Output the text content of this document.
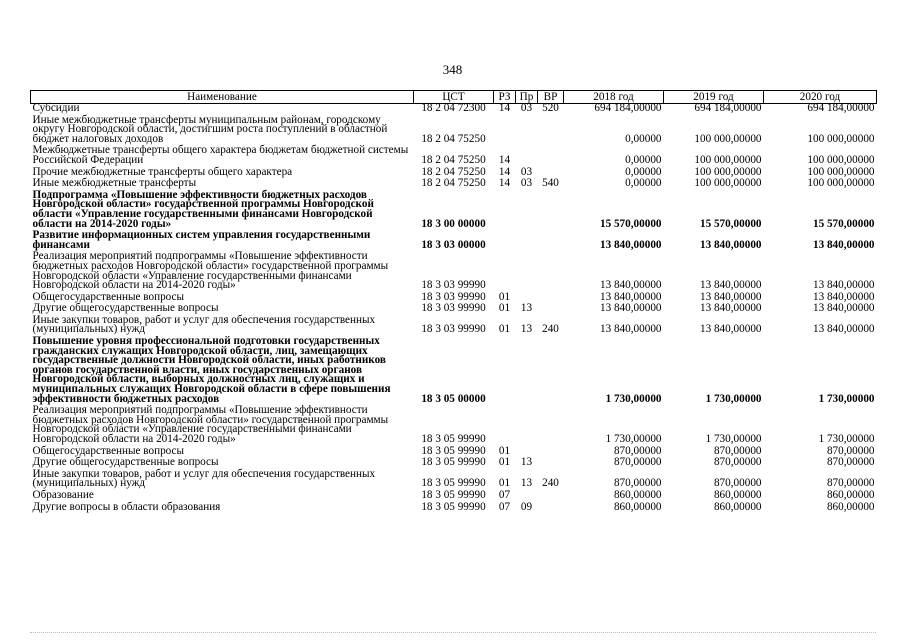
348
Наименование	ЦСТ	РЗ	Пр	ВР	2018 год	2019 год	2020 год
Субсидии	18 2 04 72300	14	03	520	694 184,00000	694 184,00000	694 184,00000
Иные межбюджетные трансферты муниципальным районам, городскому округу Новгородской области, достигшим роста поступлений в областной бюджет налоговых доходов	18 2 04 75250				0,00000	100 000,00000	100 000,00000
Межбюджетные трансферты общего характера бюджетам бюджетной системы Российской Федерации	18 2 04 75250	14			0,00000	100 000,00000	100 000,00000
Прочие межбюджетные трансферты общего характера	18 2 04 75250	14	03		0,00000	100 000,00000	100 000,00000
Иные межбюджетные трансферты	18 2 04 75250	14	03	540	0,00000	100 000,00000	100 000,00000
Подпрограмма «Повышение эффективности бюджетных расходов Новгородской области» государственной программы Новгородской области «Управление государственными финансами Новгородской области на 2014-2020 годы»	18 3 00 00000				15 570,00000	15 570,00000	15 570,00000
Развитие информационных систем управления государственными финансами	18 3 03 00000				13 840,00000	13 840,00000	13 840,00000
Реализация мероприятий подпрограммы «Повышение эффективности бюджетных расходов Новгородской области» государственной программы Новгородской области «Управление государственными финансами Новгородской области на 2014-2020 годы»	18 3 03 99990				13 840,00000	13 840,00000	13 840,00000
Общегосударственные вопросы	18 3 03 99990	01			13 840,00000	13 840,00000	13 840,00000
Другие общегосударственные вопросы	18 3 03 99990	01	13		13 840,00000	13 840,00000	13 840,00000
Иные закупки товаров, работ и услуг для обеспечения государственных (муниципальных) нужд	18 3 03 99990	01	13	240	13 840,00000	13 840,00000	13 840,00000
Повышение уровня профессиональной подготовки государственных гражданских служащих Новгородской области, лиц, замещающих государственные должности Новгородской области, иных работников органов государственной власти, иных государственных органов Новгородской области, выборных должностных лиц, служащих и муниципальных служащих Новгородской области в сфере повышения эффективности бюджетных расходов	18 3 05 00000				1 730,00000	1 730,00000	1 730,00000
Реализация мероприятий подпрограммы «Повышение эффективности бюджетных расходов Новгородской области» государственной программы Новгородской области «Управление государственными финансами Новгородской области на 2014-2020 годы»	18 3 05 99990				1 730,00000	1 730,00000	1 730,00000
Общегосударственные вопросы	18 3 05 99990	01			870,00000	870,00000	870,00000
Другие общегосударственные вопросы	18 3 05 99990	01	13		870,00000	870,00000	870,00000
Иные закупки товаров, работ и услуг для обеспечения государственных (муниципальных) нужд	18 3 05 99990	01	13	240	870,00000	870,00000	870,00000
Образование	18 3 05 99990	07			860,00000	860,00000	860,00000
Другие вопросы в области образования	18 3 05 99990	07	09		860,00000	860,00000	860,00000
